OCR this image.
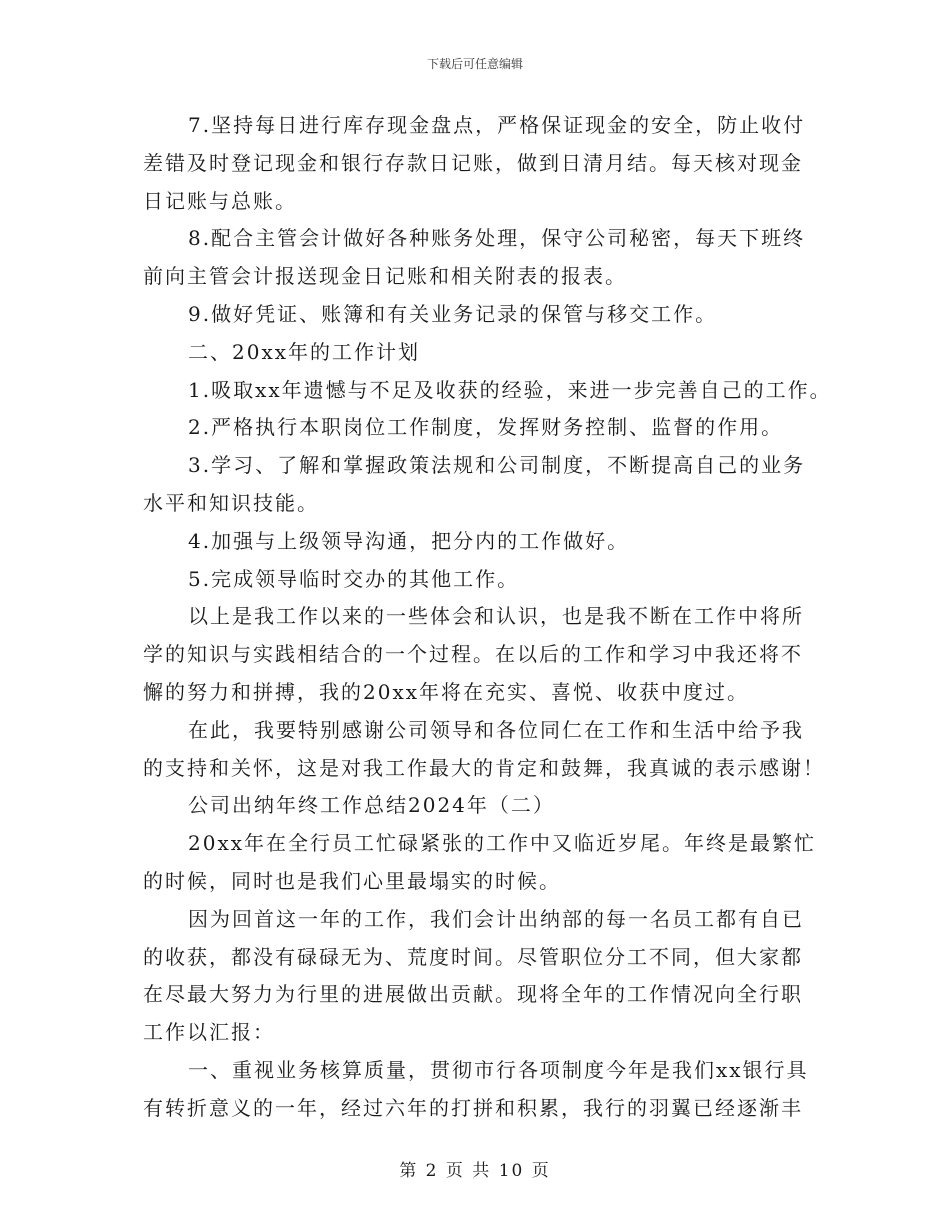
下载后可任意编辑
7.坚持每日进行库存现金盘点，严格保证现金的安全，防止收付
差错及时登记现金和银行存款日记账，做到日清月结。每天核对现金
日记账与总账。
8.配合主管会计做好各种账务处理，保守公司秘密，每天下班终
前向主管会计报送现金日记账和相关附表的报表。
9.做好凭证、账簿和有关业务记录的保管与移交工作。
二、20xx年的工作计划
1.吸取xx年遗憾与不足及收获的经验，来进一步完善自己的工作。
2.严格执行本职岗位工作制度，发挥财务控制、监督的作用。
3.学习、了解和掌握政策法规和公司制度，不断提高自己的业务
水平和知识技能。
4.加强与上级领导沟通，把分内的工作做好。
5.完成领导临时交办的其他工作。
以上是我工作以来的一些体会和认识，也是我不断在工作中将所
学的知识与实践相结合的一个过程。在以后的工作和学习中我还将不
懈的努力和拼搏，我的20xx年将在充实、喜悦、收获中度过。
在此，我要特别感谢公司领导和各位同仁在工作和生活中给予我
的支持和关怀，这是对我工作最大的肯定和鼓舞，我真诚的表示感谢！
公司出纳年终工作总结2024年（二）
20xx年在全行员工忙碌紧张的工作中又临近岁尾。年终是最繁忙
的时候，同时也是我们心里最塌实的时候。
因为回首这一年的工作，我们会计出纳部的每一名员工都有自已
的收获，都没有碌碌无为、荒度时间。尽管职位分工不同，但大家都
在尽最大努力为行里的进展做出贡献。现将全年的工作情况向全行职
工作以汇报：
一、重视业务核算质量，贯彻市行各项制度今年是我们xx银行具
有转折意义的一年，经过六年的打拼和积累，我行的羽翼已经逐渐丰
第 2 页 共 10 页
